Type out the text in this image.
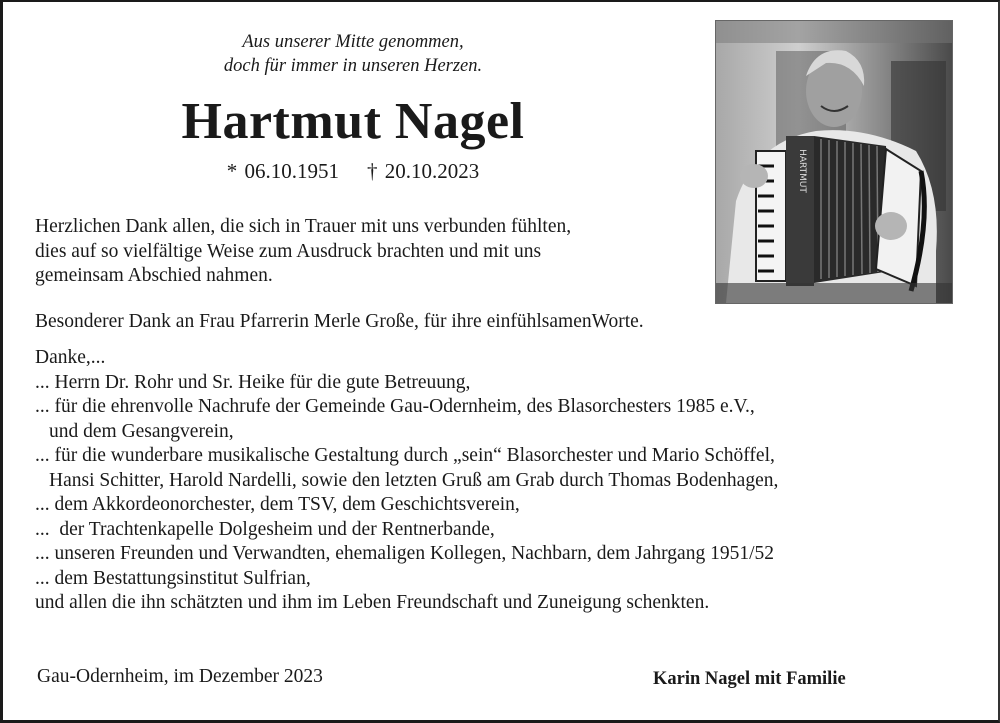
Aus unserer Mitte genommen,
doch für immer in unseren Herzen.
Hartmut Nagel
* 06.10.1951 † 20.10.2023	HARTMUT
Herzlichen Dank allen, die sich in Trauer mit uns verbunden fühlten,
dies auf so vielfältige Weise zum Ausdruck brachten und mit uns
gemeinsam Abschied nahmen.
Besonderer Dank an Frau Pfarrerin Merle Große, für ihre einfühlsamenWorte.
Danke,...
... Herrn Dr. Rohr und Sr. Heike für die gute Betreuung,
... für die ehrenvolle Nachrufe der Gemeinde Gau-Odernheim, des Blasorchesters 1985 e.V.,
und dem Gesangverein,
... für die wunderbare musikalische Gestaltung durch „sein“ Blasorchester und Mario Schöffel,
Hansi Schitter, Harold Nardelli, sowie den letzten Gruß am Grab durch Thomas Bodenhagen,
... dem Akkordeonorchester, dem TSV, dem Geschichtsverein,
...  der Trachtenkapelle Dolgesheim und der Rentnerbande,
... unseren Freunden und Verwandten, ehemaligen Kollegen, Nachbarn, dem Jahrgang 1951/52
... dem Bestattungsinstitut Sulfrian,
und allen die ihn schätzten und ihm im Leben Freundschaft und Zuneigung schenkten.
Gau-Odernheim, im Dezember 2023	Karin Nagel mit Familie
